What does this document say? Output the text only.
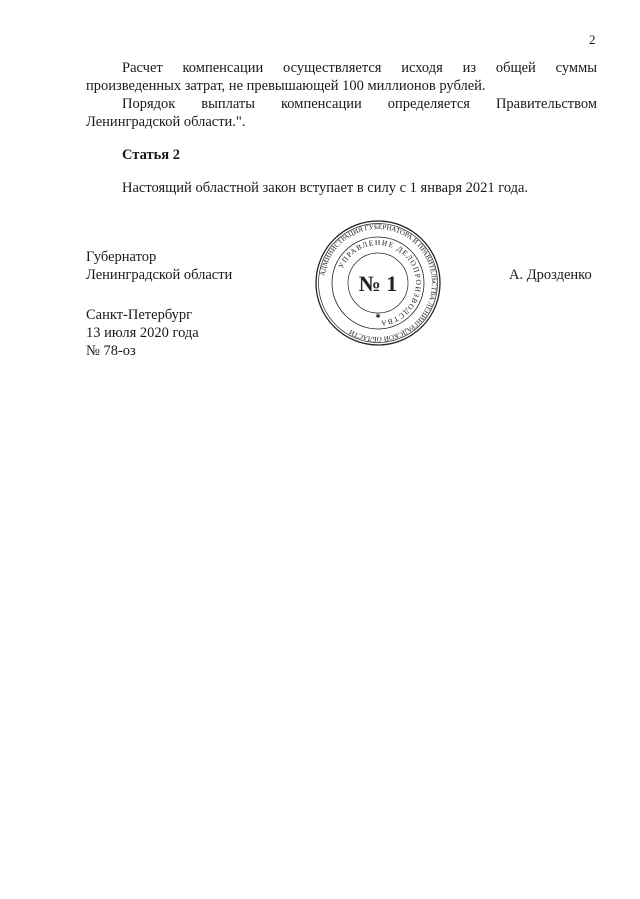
2
Расчет компенсации осуществляется исходя из общей суммы
произведенных затрат, не превышающей 100 миллионов рублей.
Порядок выплаты компенсации определяется Правительством
Ленинградской области.".
Статья 2
Настоящий областной закон вступает в силу с 1 января 2021 года.
Губернатор
Ленинградской области	А. Дрозденко
Санкт-Петербург
13 июля 2020 года
№ 78-оз
АДМИНИСТРАЦИЯ ГУБЕРНАТОРА И ПРАВИТЕЛЬСТВА ЛЕНИНГРАДСКОЙ ОБЛАСТИ
УПРАВЛЕНИЕ ДЕЛОПРОИЗВОДСТВА
№ 1
✱
